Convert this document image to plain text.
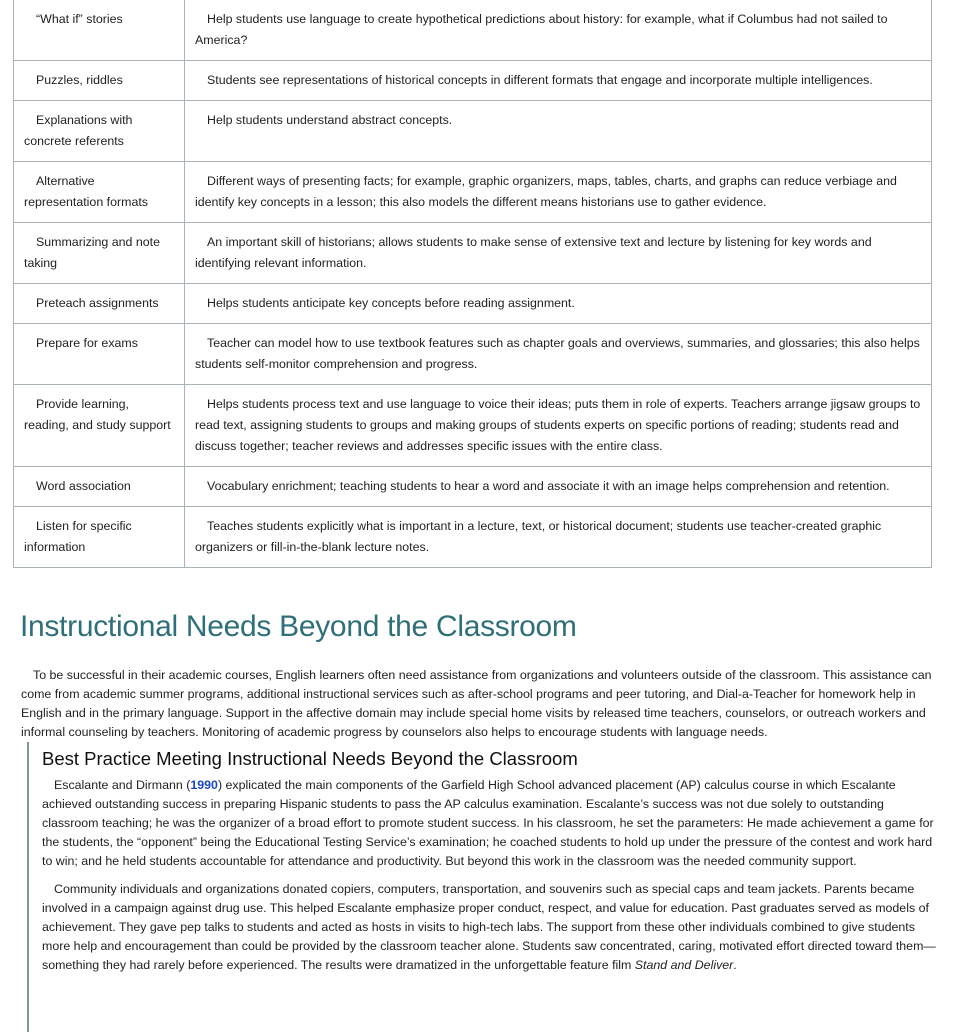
“What if” stories	Help students use language to create hypothetical predictions about history: for example, what if Columbus had not sailed to America?
Puzzles, riddles	Students see representations of historical concepts in different formats that engage and incorporate multiple intelligences.
Explanations with concrete referents	Help students understand abstract concepts.
Alternative representation formats	Different ways of presenting facts; for example, graphic organizers, maps, tables, charts, and graphs can reduce verbiage and identify key concepts in a lesson; this also models the different means historians use to gather evidence.
Summarizing and note taking	An important skill of historians; allows students to make sense of extensive text and lecture by listening for key words and identifying relevant information.
Preteach assignments	Helps students anticipate key concepts before reading assignment.
Prepare for exams	Teacher can model how to use textbook features such as chapter goals and overviews, summaries, and glossaries; this also helps students self-monitor comprehension and progress.
Provide learning, reading, and study support	Helps students process text and use language to voice their ideas; puts them in role of experts. Teachers arrange jigsaw groups to read text, assigning students to groups and making groups of students experts on specific portions of reading; students read and discuss together; teacher reviews and addresses specific issues with the entire class.
Word association	Vocabulary enrichment; teaching students to hear a word and associate it with an image helps comprehension and retention.
Listen for specific information	Teaches students explicitly what is important in a lecture, text, or historical document; students use teacher-created graphic organizers or fill-in-the-blank lecture notes.
Instructional Needs Beyond the Classroom

To be successful in their academic courses, English learners often need assistance from organizations and volunteers outside of the classroom. This assistance can come from academic summer programs, additional instructional services such as after-school programs and peer tutoring, and Dial-a-Teacher for homework help in English and in the primary language. Support in the affective domain may include special home visits by released time teachers, counselors, or outreach workers and informal counseling by teachers. Monitoring of academic progress by counselors also helps to encourage students with language needs.

Best Practice Meeting Instructional Needs Beyond the Classroom

Escalante and Dirmann (1990) explicated the main components of the Garfield High School advanced placement (AP) calculus course in which Escalante achieved outstanding success in preparing Hispanic students to pass the AP calculus examination. Escalante’s success was not due solely to outstanding classroom teaching; he was the organizer of a broad effort to promote student success. In his classroom, he set the parameters: He made achievement a game for the students, the “opponent” being the Educational Testing Service’s examination; he coached students to hold up under the pressure of the contest and work hard to win; and he held students accountable for attendance and productivity. But beyond this work in the classroom was the needed community support.

Community individuals and organizations donated copiers, computers, transportation, and souvenirs such as special caps and team jackets. Parents became involved in a campaign against drug use. This helped Escalante emphasize proper conduct, respect, and value for education. Past graduates served as models of achievement. They gave pep talks to students and acted as hosts in visits to high-tech labs. The support from these other individuals combined to give students more help and encouragement than could be provided by the classroom teacher alone. Students saw concentrated, caring, motivated effort directed toward them—something they had rarely before experienced. The results were dramatized in the unforgettable feature film Stand and Deliver.
